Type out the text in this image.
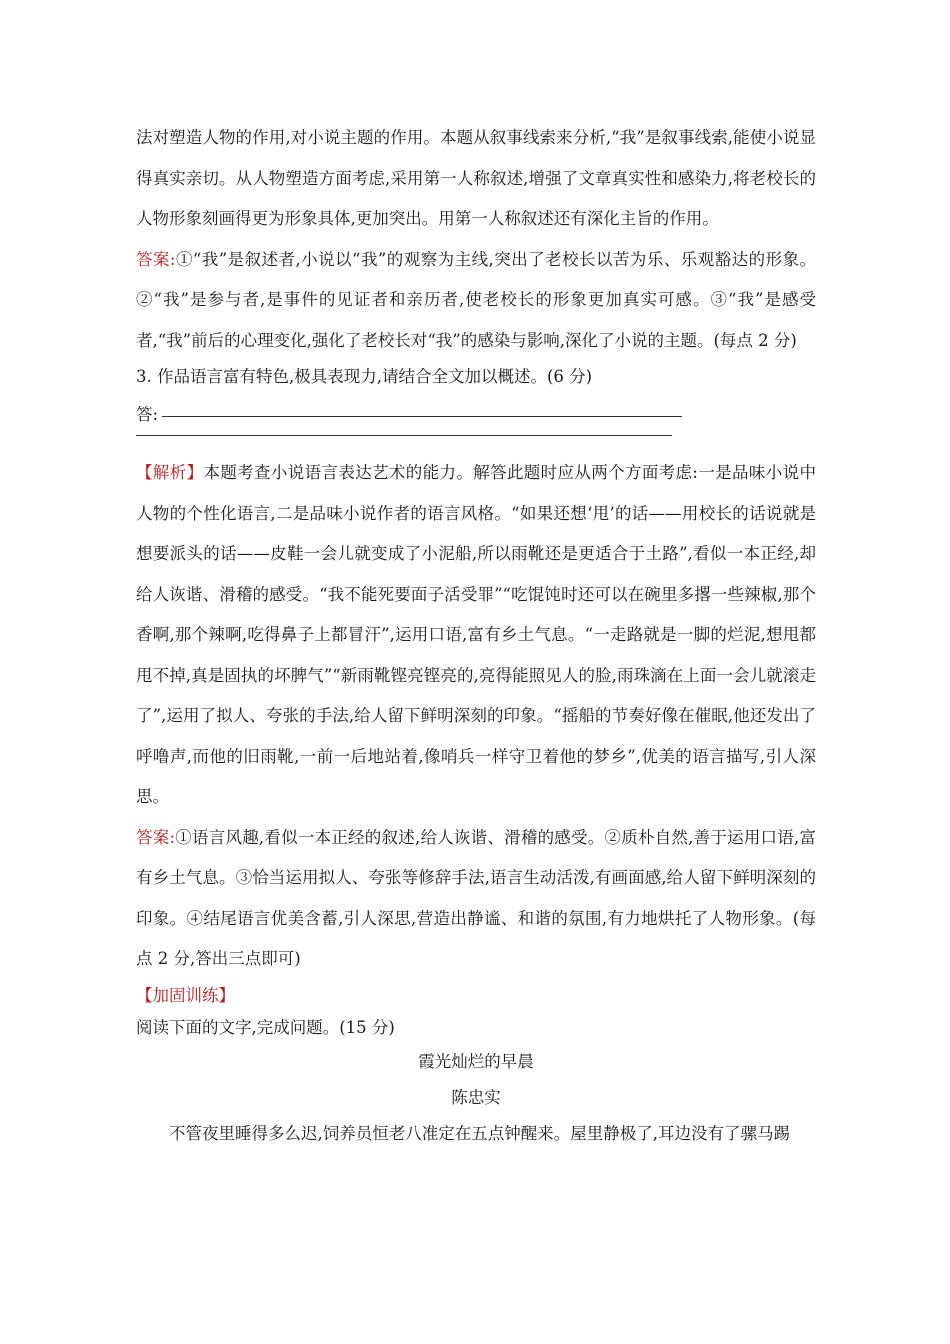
法对塑造人物的作用,对小说主题的作用。本题从叙事线索来分析,“我”是叙事线索,能使小说显得真实亲切。从人物塑造方面考虑,采用第一人称叙述,增强了文章真实性和感染力,将老校长的人物形象刻画得更为形象具体,更加突出。用第一人称叙述还有深化主旨的作用。

答案:①“我”是叙述者,小说以“我”的观察为主线,突出了老校长以苦为乐、乐观豁达的形象。②“我”是参与者,是事件的见证者和亲历者,使老校长的形象更加真实可感。③“我”是感受者,“我”前后的心理变化,强化了老校长对“我”的感染与影响,深化了小说的主题。(每点 2 分)

3. 作品语言富有特色,极具表现力,请结合全文加以概述。(6 分)

答:

【解析】本题考查小说语言表达艺术的能力。解答此题时应从两个方面考虑:一是品味小说中人物的个性化语言,二是品味小说作者的语言风格。“如果还想‘甩’的话——用校长的话说就是想要派头的话——皮鞋一会儿就变成了小泥船,所以雨靴还是更适合于土路”,看似一本正经,却给人诙谐、滑稽的感受。“我不能死要面子活受罪”“吃馄饨时还可以在碗里多撂一些辣椒,那个香啊,那个辣啊,吃得鼻子上都冒汗”,运用口语,富有乡土气息。“一走路就是一脚的烂泥,想甩都甩不掉,真是固执的坏脾气”“新雨靴铿亮铿亮的,亮得能照见人的脸,雨珠滴在上面一会儿就滚走了”,运用了拟人、夸张的手法,给人留下鲜明深刻的印象。“摇船的节奏好像在催眠,他还发出了呼噜声,而他的旧雨靴,一前一后地站着,像哨兵一样守卫着他的梦乡”,优美的语言描写,引人深思。

答案:①语言风趣,看似一本正经的叙述,给人诙谐、滑稽的感受。②质朴自然,善于运用口语,富有乡土气息。③恰当运用拟人、夸张等修辞手法,语言生动活泼,有画面感,给人留下鲜明深刻的印象。④结尾语言优美含蓄,引人深思,营造出静谧、和谐的氛围,有力地烘托了人物形象。(每点 2 分,答出三点即可)

【加固训练】

阅读下面的文字,完成问题。(15 分)

霞光灿烂的早晨

陈忠实

不管夜里睡得多么迟,饲养员恒老八准定在五点钟醒来。屋里静极了,耳边没有了骡马踢
